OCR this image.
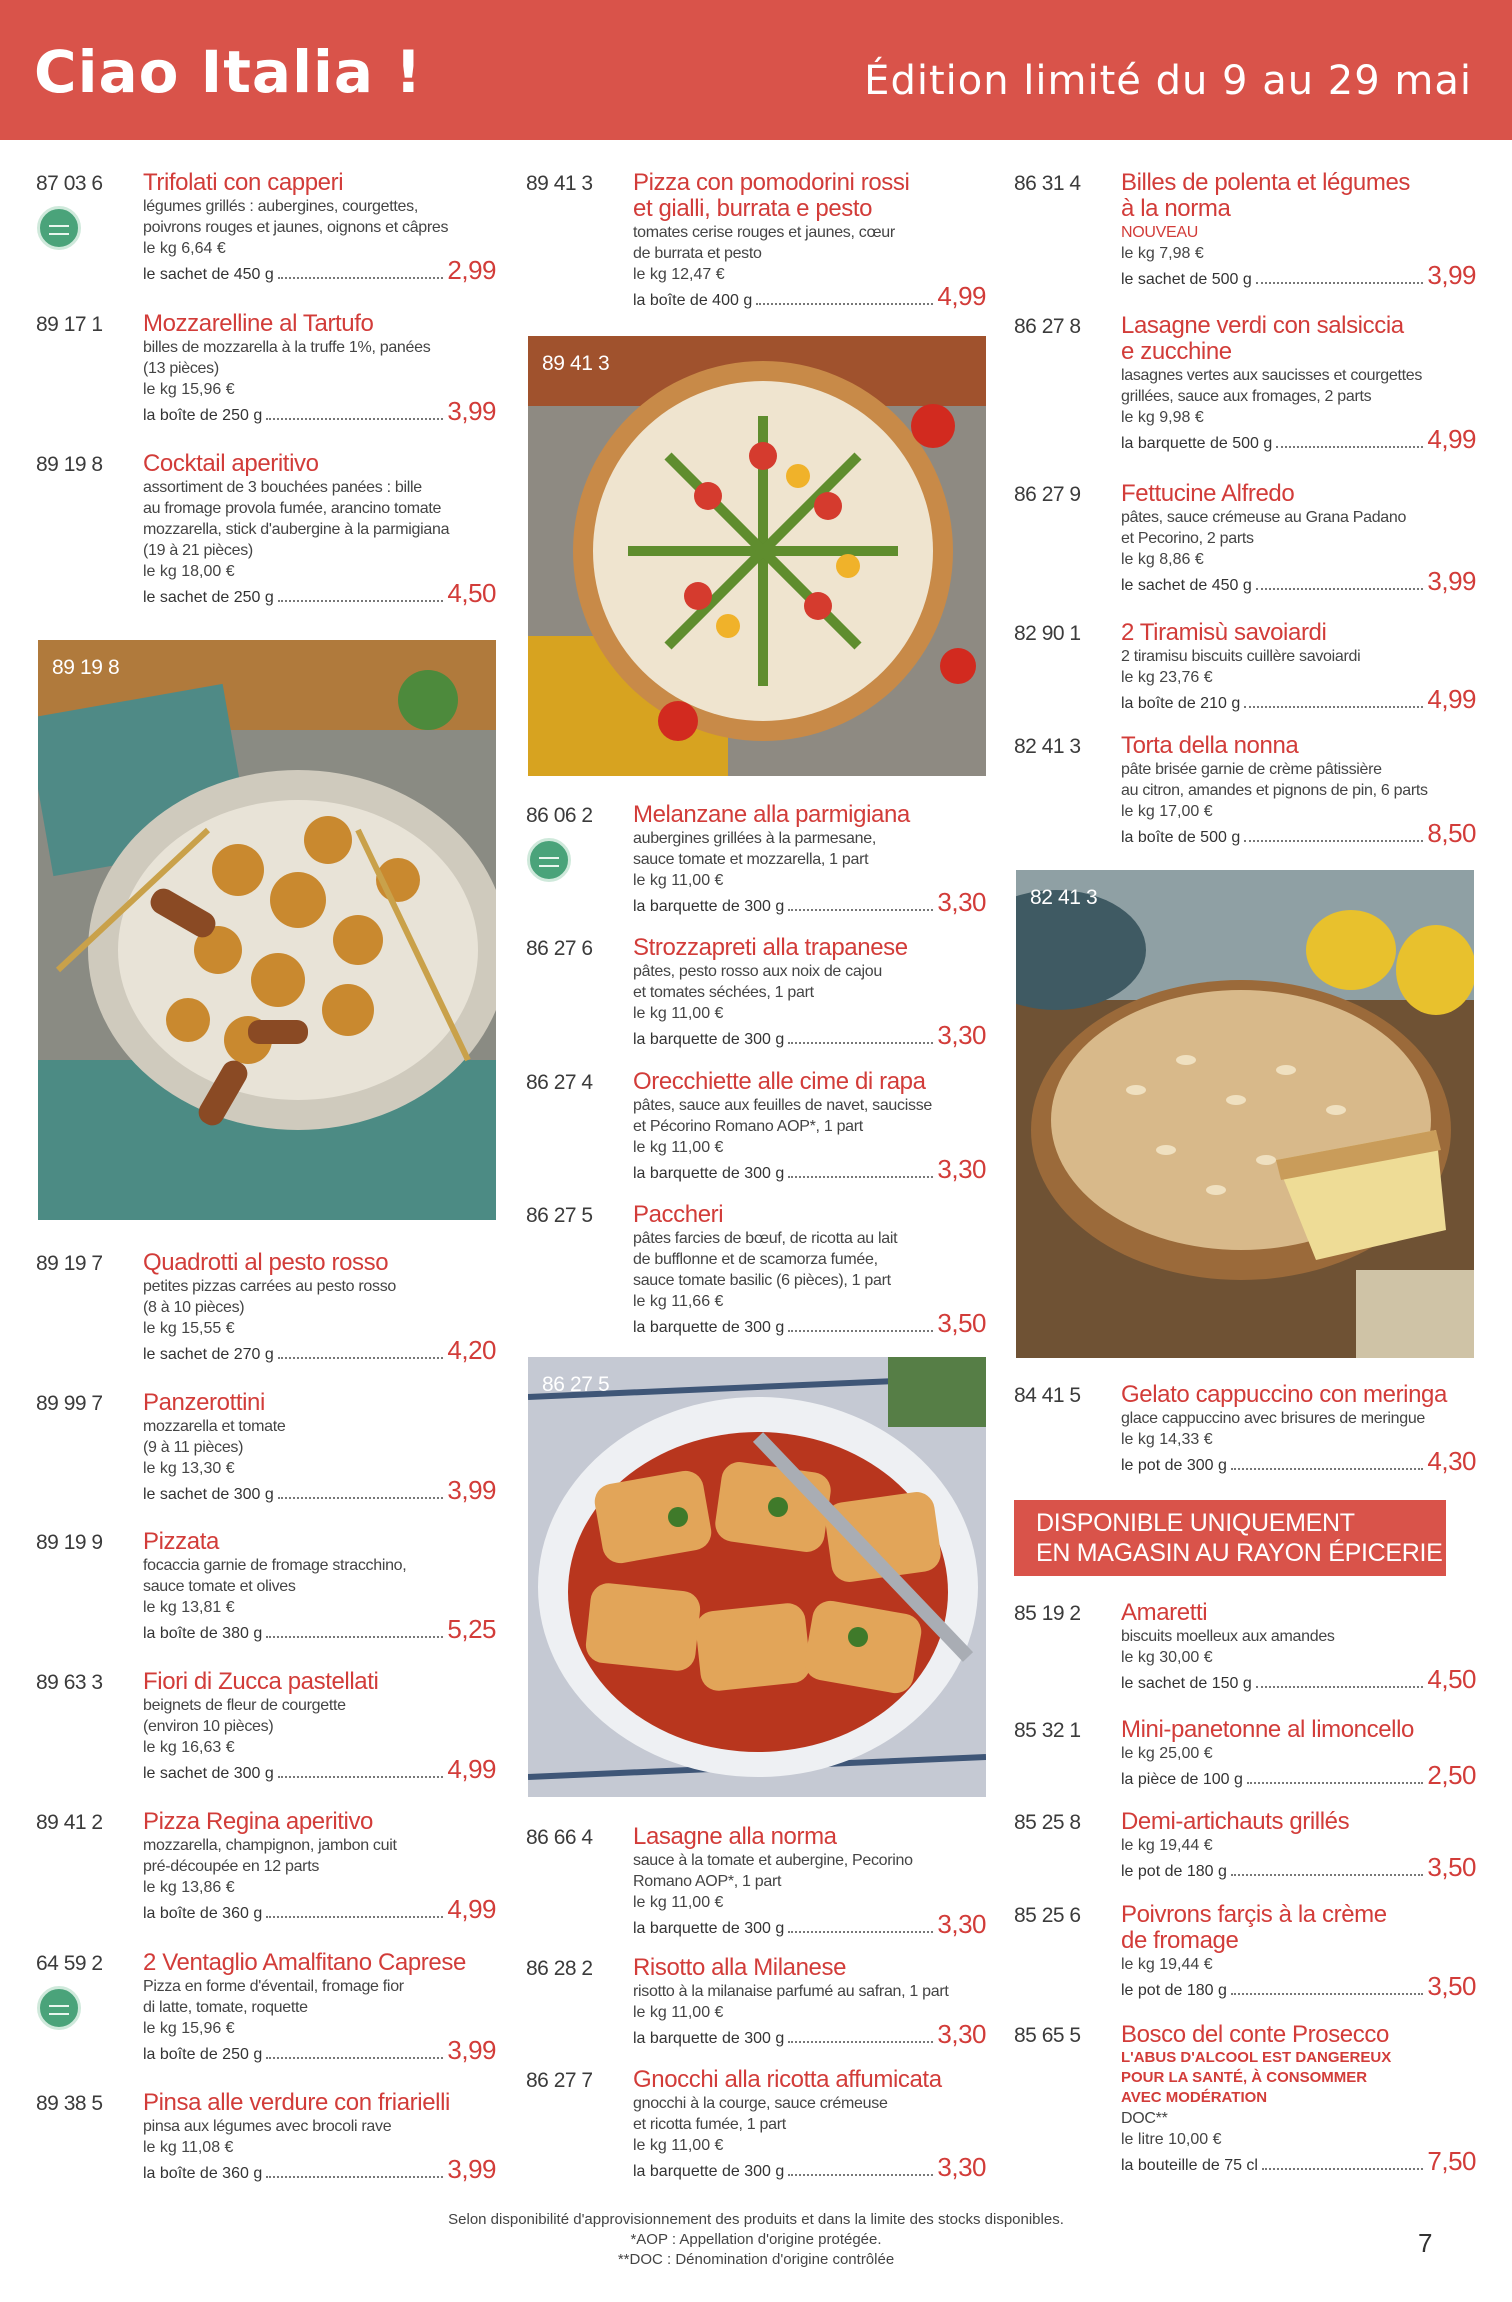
Ciao Italia !	Édition limité du 9 au 29 mai
87 03 6 Trifolati con capperi
légumes grillés : aubergines, courgettes,
poivrons rouges et jaunes, oignons et câpres
le kg 6,64 €
le sachet de 450 g	2,99
89 17 1 Mozzarelline al Tartufo
billes de mozzarella à la truffe 1%, panées
(13 pièces)
le kg 15,96 €
la boîte de 250 g	3,99
89 19 8 Cocktail aperitivo
assortiment de 3 bouchées panées : bille
au fromage provola fumée, arancino tomate
mozzarella, stick d'aubergine à la parmigiana
(19 à 21 pièces)
le kg 18,00 €
le sachet de 250 g	4,50
89 19 7 Quadrotti al pesto rosso
petites pizzas carrées au pesto rosso
(8 à 10 pièces)
le kg 15,55 €
le sachet de 270 g	4,20
89 99 7 Panzerottini
mozzarella et tomate
(9 à 11 pièces)
le kg 13,30 €
le sachet de 300 g	3,99
89 19 9 Pizzata
focaccia garnie de fromage stracchino,
sauce tomate et olives
le kg 13,81 €
la boîte de 380 g	5,25
89 63 3 Fiori di Zucca pastellati
beignets de fleur de courgette
(environ 10 pièces)
le kg 16,63 €
le sachet de 300 g	4,99
89 41 2 Pizza Regina aperitivo
mozzarella, champignon, jambon cuit
pré-découpée en 12 parts
le kg 13,86 €
la boîte de 360 g	4,99
64 59 2 2 Ventaglio Amalfitano Caprese
Pizza en forme d'éventail, fromage fior
di latte, tomate, roquette
le kg 15,96 €
la boîte de 250 g	3,99
89 38 5 Pinsa alle verdure con friarielli
pinsa aux légumes avec brocoli rave
le kg 11,08 €
la boîte de 360 g	3,99
89 41 3 Pizza con pomodorini rossi
et gialli, burrata e pesto
tomates cerise rouges et jaunes, cœur
de burrata et pesto
le kg 12,47 €
la boîte de 400 g	4,99
86 06 2 Melanzane alla parmigiana
aubergines grillées à la parmesane,
sauce tomate et mozzarella, 1 part
le kg 11,00 €
la barquette de 300 g	3,30
86 27 6 Strozzapreti alla trapanese
pâtes, pesto rosso aux noix de cajou
et tomates séchées, 1 part
le kg 11,00 €
la barquette de 300 g	3,30
86 27 4 Orecchiette alle cime di rapa
pâtes, sauce aux feuilles de navet, saucisse
et Pécorino Romano AOP*, 1 part
le kg 11,00 €
la barquette de 300 g	3,30
86 27 5 Paccheri
pâtes farcies de bœuf, de ricotta au lait
de bufflonne et de scamorza fumée,
sauce tomate basilic (6 pièces), 1 part
le kg 11,66 €
la barquette de 300 g	3,50
86 66 4 Lasagne alla norma
sauce à la tomate et aubergine, Pecorino
Romano AOP*, 1 part
le kg 11,00 €
la barquette de 300 g	3,30
86 28 2 Risotto alla Milanese
risotto à la milanaise parfumé au safran, 1 part
le kg 11,00 €
la barquette de 300 g	3,30
86 27 7 Gnocchi alla ricotta affumicata
gnocchi à la courge, sauce crémeuse
et ricotta fumée, 1 part
le kg 11,00 €
la barquette de 300 g	3,30
86 31 4 Billes de polenta et légumes
à la norma
NOUVEAU
le kg 7,98 €
le sachet de 500 g	3,99
86 27 8 Lasagne verdi con salsiccia
e zucchine
lasagnes vertes aux saucisses et courgettes
grillées, sauce aux fromages, 2 parts
le kg 9,98 €
la barquette de 500 g	4,99
86 27 9 Fettucine Alfredo
pâtes, sauce crémeuse au Grana Padano
et Pecorino, 2 parts
le kg 8,86 €
le sachet de 450 g	3,99
82 90 1 2 Tiramisù savoiardi
2 tiramisu biscuits cuillère savoiardi
le kg 23,76 €
la boîte de 210 g	4,99
82 41 3 Torta della nonna
pâte brisée garnie de crème pâtissière
au citron, amandes et pignons de pin, 6 parts
le kg 17,00 €
la boîte de 500 g	8,50
84 41 5 Gelato cappuccino con meringa
glace cappuccino avec brisures de meringue
le kg 14,33 €
le pot de 300 g	4,30
85 19 2 Amaretti
biscuits moelleux aux amandes
le kg 30,00 €
le sachet de 150 g	4,50
85 32 1 Mini-panetonne al limoncello
le kg 25,00 €
la pièce de 100 g	2,50
85 25 8 Demi-artichauts grillés
le kg 19,44 €
le pot de 180 g	3,50
85 25 6 Poivrons farçis à la crème
de fromage
le kg 19,44 €
le pot de 180 g	3,50
85 65 5 Bosco del conte Prosecco
L'ABUS D'ALCOOL EST DANGEREUX
POUR LA SANTÉ, À CONSOMMER
AVEC MODÉRATION
DOC**
le litre 10,00 €
la bouteille de 75 cl	7,50
89 19 8
89 41 3
86 27 5
82 41 3
DISPONIBLE UNIQUEMENT
EN MAGASIN AU RAYON ÉPICERIE
Selon disponibilité d'approvisionnement des produits et dans la limite des stocks disponibles.
*AOP : Appellation d'origine protégée.
**DOC : Dénomination d'origine contrôlée
7
